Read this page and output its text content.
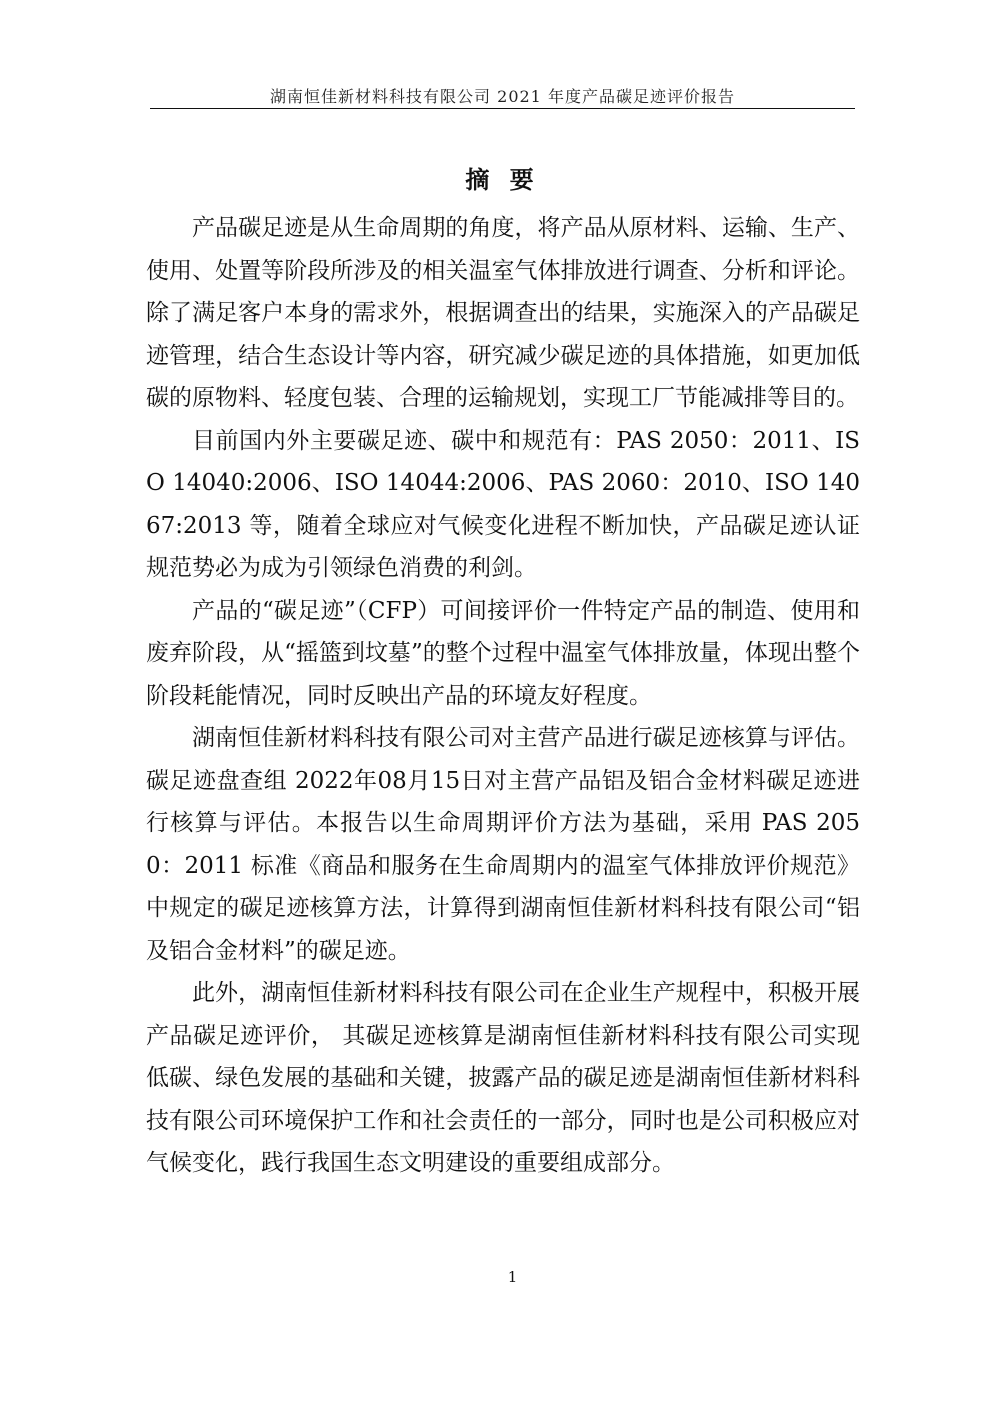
湖南恒佳新材料科技有限公司 2021 年度产品碳足迹评价报告
摘 要

产品碳足迹是从生命周期的角度，将产品从原材料、运输、生产、使用、处置等阶段所涉及的相关温室气体排放进行调查、分析和评论。除了满足客户本身的需求外，根据调查出的结果，实施深入的产品碳足迹管理，结合生态设计等内容，研究减少碳足迹的具体措施，如更加低碳的原物料、轻度包装、合理的运输规划，实现工厂节能减排等目的。

目前国内外主要碳足迹、碳中和规范有：PAS 2050：2011、ISO 14040:2006、ISO 14044:2006、PAS 2060：2010、ISO 14067:2013 等，随着全球应对气候变化进程不断加快，产品碳足迹认证规范势必为成为引领绿色消费的利剑。

产品的“碳足迹”（CFP）可间接评价一件特定产品的制造、使用和废弃阶段，从“摇篮到坟墓”的整个过程中温室气体排放量，体现出整个阶段耗能情况，同时反映出产品的环境友好程度。

湖南恒佳新材料科技有限公司对主营产品进行碳足迹核算与评估。碳足迹盘查组 2022年08月15日对主营产品铝及铝合金材料碳足迹进行核算与评估。本报告以生命周期评价方法为基础，采用 PAS 2050：2011 标准《商品和服务在生命周期内的温室气体排放评价规范》中规定的碳足迹核算方法，计算得到湖南恒佳新材料科技有限公司“铝及铝合金材料”的碳足迹。

此外，湖南恒佳新材料科技有限公司在企业生产规程中，积极开展产品碳足迹评价， 其碳足迹核算是湖南恒佳新材料科技有限公司实现低碳、绿色发展的基础和关键，披露产品的碳足迹是湖南恒佳新材料科技有限公司环境保护工作和社会责任的一部分，同时也是公司积极应对气候变化，践行我国生态文明建设的重要组成部分。

1
